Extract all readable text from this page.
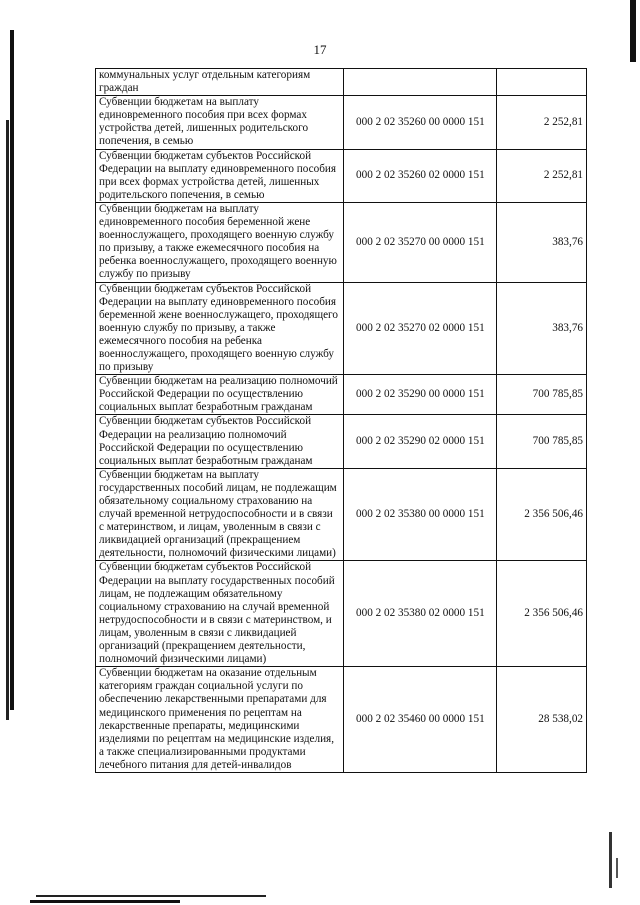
17
коммунальных услуг отдельным категориям граждан		
Субвенции бюджетам на выплату единовременного пособия при всех формах устройства детей, лишенных родительского попечения, в семью	000 2 02 35260 00 0000 151	2 252,81
Субвенции бюджетам субъектов Российской Федерации на выплату единовременного пособия при всех формах устройства детей, лишенных родительского попечения, в семью	000 2 02 35260 02 0000 151	2 252,81
Субвенции бюджетам на выплату единовременного пособия беременной жене военнослужащего, проходящего военную службу по призыву, а также ежемесячного пособия на ребенка военнослужащего, проходящего военную службу по призыву	000 2 02 35270 00 0000 151	383,76
Субвенции бюджетам субъектов Российской Федерации на выплату единовременного пособия беременной жене военнослужащего, проходящего военную службу по призыву, а также ежемесячного пособия на ребенка военнослужащего, проходящего военную службу по призыву	000 2 02 35270 02 0000 151	383,76
Субвенции бюджетам на реализацию полномочий Российской Федерации по осуществлению социальных выплат безработным гражданам	000 2 02 35290 00 0000 151	700 785,85
Субвенции бюджетам субъектов Российской Федерации на реализацию полномочий Российской Федерации по осуществлению социальных выплат безработным гражданам	000 2 02 35290 02 0000 151	700 785,85
Субвенции бюджетам на выплату государственных пособий лицам, не подлежащим обязательному социальному страхованию на случай временной нетрудоспособности и в связи с материнством, и лицам, уволенным в связи с ликвидацией организаций (прекращением деятельности, полномочий физическими лицами)	000 2 02 35380 00 0000 151	2 356 506,46
Субвенции бюджетам субъектов Российской Федерации на выплату государственных пособий лицам, не подлежащим обязательному социальному страхованию на случай временной нетрудоспособности и в связи с материнством, и лицам, уволенным в связи с ликвидацией организаций (прекращением деятельности, полномочий физическими лицами)	000 2 02 35380 02 0000 151	2 356 506,46
Субвенции бюджетам на оказание отдельным категориям граждан социальной услуги по обеспечению лекарственными препаратами для медицинского применения по рецептам на лекарственные препараты, медицинскими изделиями по рецептам на медицинские изделия, а также специализированными продуктами лечебного питания для детей-инвалидов	000 2 02 35460 00 0000 151	28 538,02
